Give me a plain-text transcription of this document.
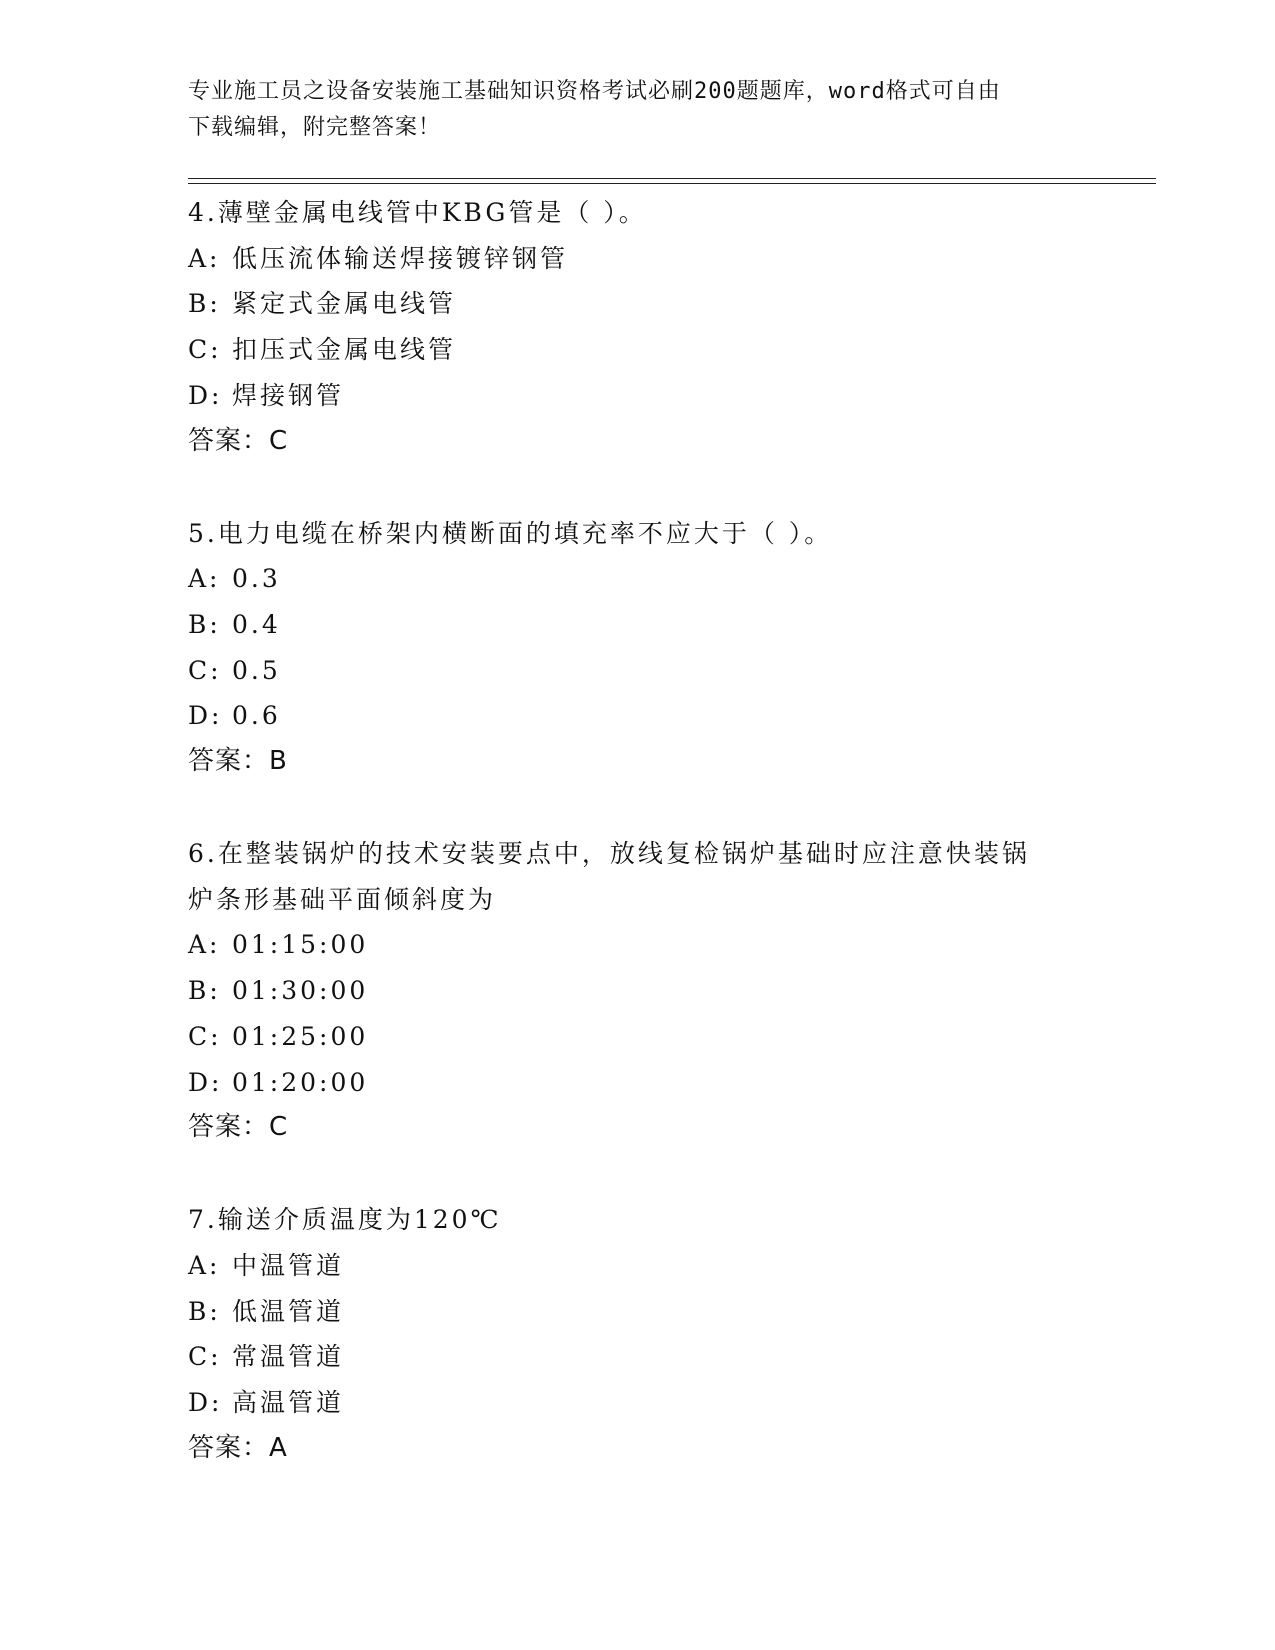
专业施工员之设备安装施工基础知识资格考试必刷200题题库，word格式可自由
下载编辑，附完整答案！
4.薄壁金属电线管中KBG管是（ ）。
A: 低压流体输送焊接镀锌钢管
B: 紧定式金属电线管
C: 扣压式金属电线管
D: 焊接钢管
答案：C
5.电力电缆在桥架内横断面的填充率不应大于（ ）。
A: 0.3
B: 0.4
C: 0.5
D: 0.6
答案：B
6.在整装锅炉的技术安装要点中，放线复检锅炉基础时应注意快装锅
炉条形基础平面倾斜度为
A: 01:15:00
B: 01:30:00
C: 01:25:00
D: 01:20:00
答案：C
7.输送介质温度为120℃
A: 中温管道
B: 低温管道
C: 常温管道
D: 高温管道
答案：A
